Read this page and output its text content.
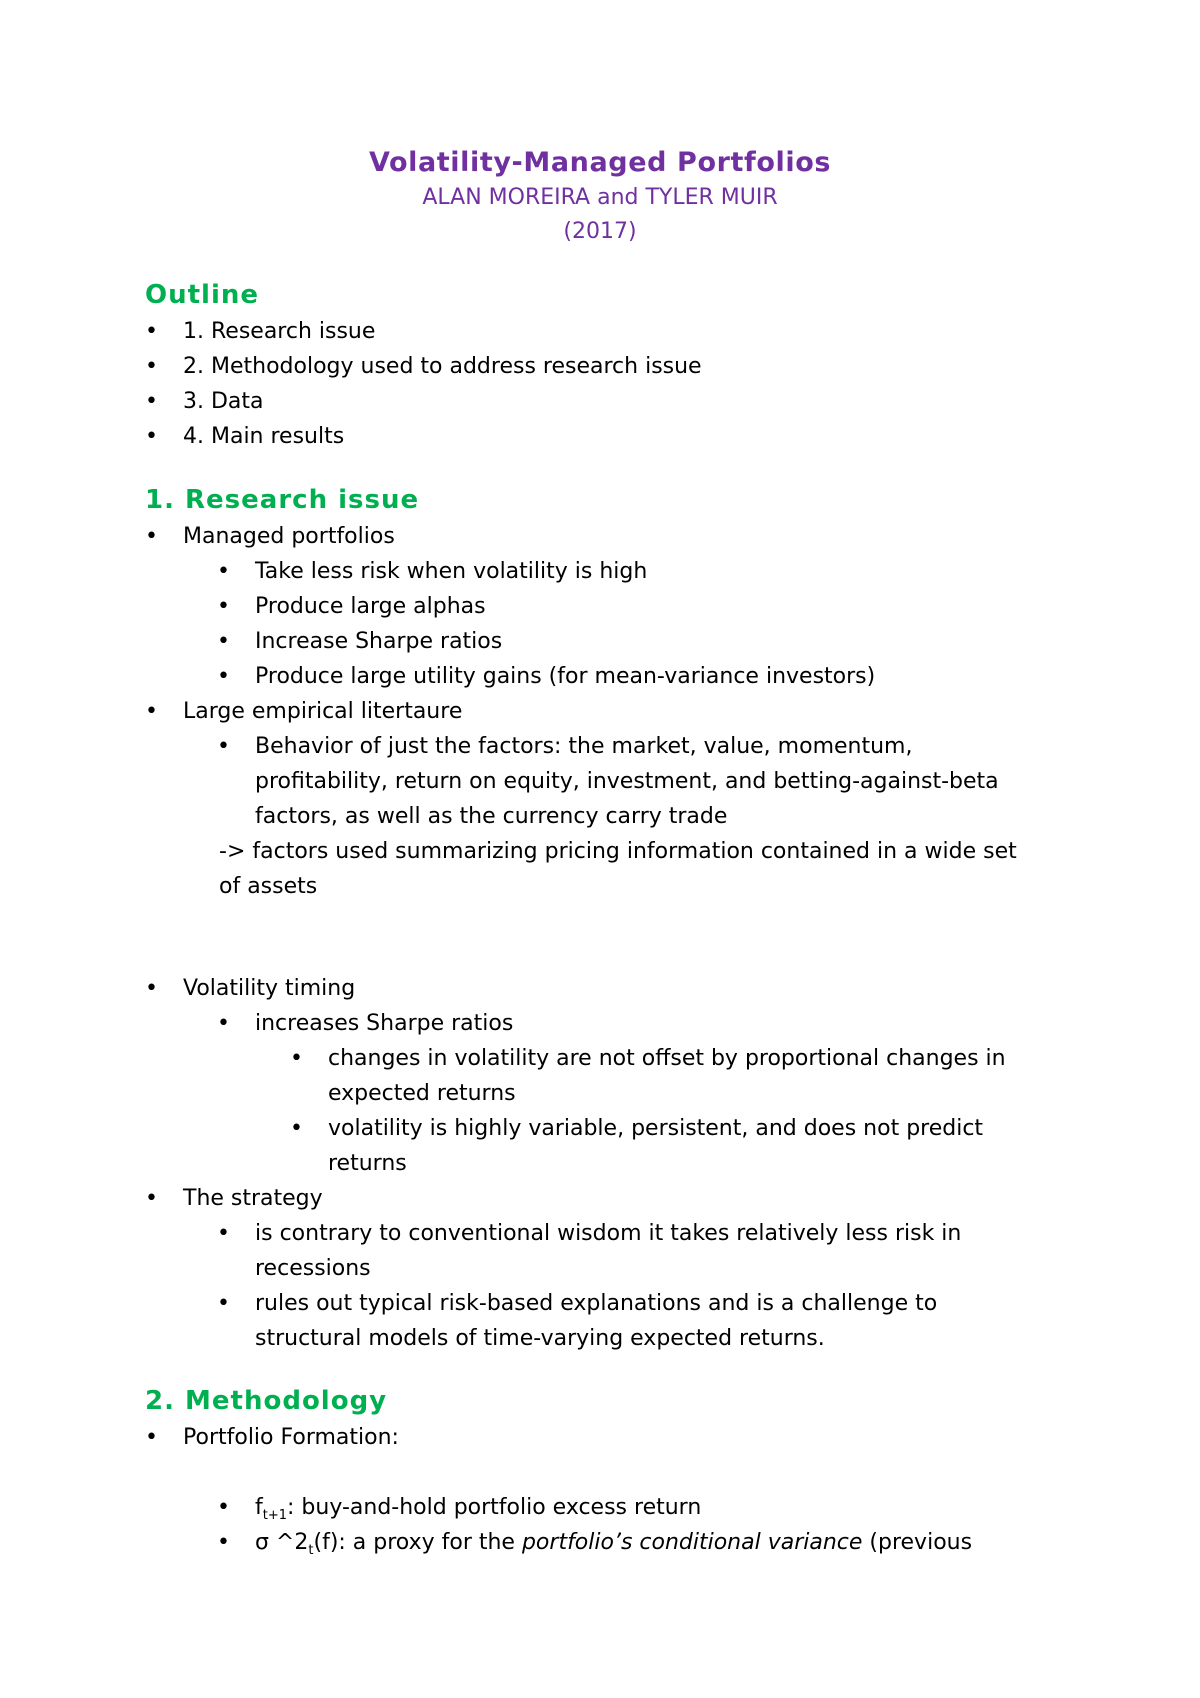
Volatility-Managed Portfolios
ALAN MOREIRA and TYLER MUIR
(2017)
Outline
• 1. Research issue
• 2. Methodology used to address research issue
• 3. Data
• 4. Main results
1. Research issue
• Managed portfolios
• Take less risk when volatility is high
• Produce large alphas
• Increase Sharpe ratios
• Produce large utility gains (for mean-variance investors)
• Large empirical litertaure
• Behavior of just the factors: the market, value, momentum,
profitability, return on equity, investment, and betting-against-beta
factors, as well as the currency carry trade
-> factors used summarizing pricing information contained in a wide set
of assets
• Volatility timing
• increases Sharpe ratios
• changes in volatility are not offset by proportional changes in
expected returns
• volatility is highly variable, persistent, and does not predict
returns
• The strategy
• is contrary to conventional wisdom it takes relatively less risk in
recessions
• rules out typical risk-based explanations and is a challenge to
structural models of time-varying expected returns.
2. Methodology
• Portfolio Formation:
• $f_{t+1}$: buy-and-hold portfolio excess return
• σ $\^{}2_t(f)$: a proxy for the portfolio’s conditional variance (previous
